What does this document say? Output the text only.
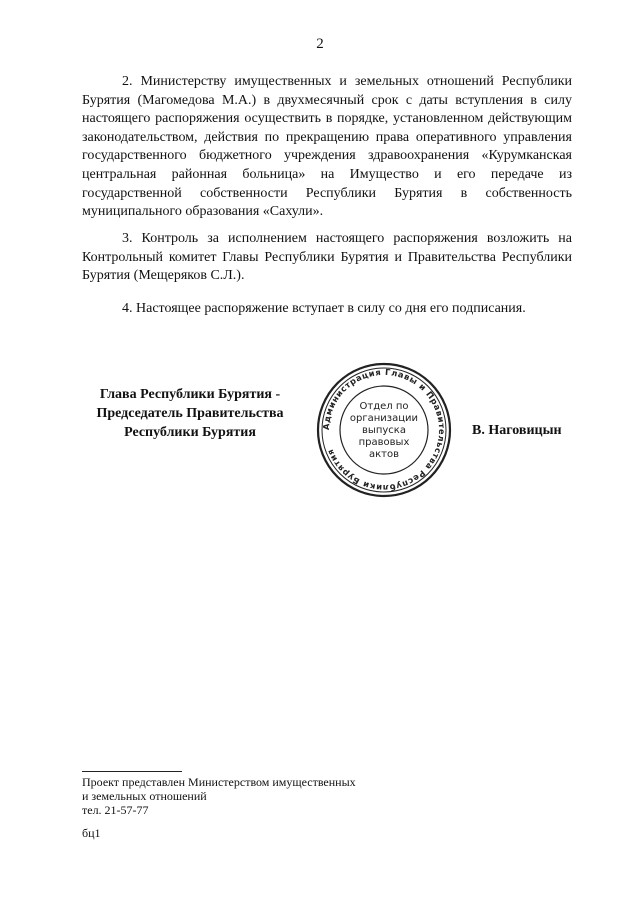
2

2. Министерству имущественных и земельных отношений Республики Бурятия (Магомедова М.А.) в двухмесячный срок с даты вступления в силу настоящего распоряжения осуществить в порядке, установленном действующим законодательством, действия по прекращению права оперативного управления государственного бюджетного учреждения здравоохранения «Курумканская центральная районная больница» на Имущество и его передаче из государственной собственности Республики Бурятия в собственность муниципального образования «Сахули».

3. Контроль за исполнением настоящего распоряжения возложить на Контрольный комитет Главы Республики Бурятия и Правительства Республики Бурятия (Мещеряков С.Л.).

4. Настоящее распоряжение вступает в силу со дня его подписания.

Глава Республики Бурятия -
Председатель Правительства
Республики Бурятия	Администрация Главы и Правительства Республики Бурятия
Отдел по
организации
выпуска
правовых
актов
В. Наговицын
Проект представлен Министерством имущественных
и земельных отношений
тел. 21-57-77
бц1
